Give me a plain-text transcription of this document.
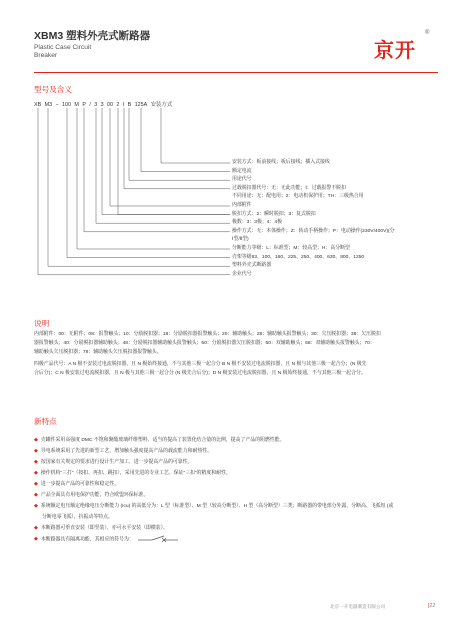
XBM3 塑料外壳式断路器
Plastic Case Circuit
Breaker	京开
®
型号及含义
XB M3 − 100 M P / 3 3 00 2 I B 125A 安装方式
安装方式：板前接线；板后接线；插入式接线
额定电流
用途代号
过载脱扣器代号：无：无此功能；Ⅰ：过载报警不脱扣
不同用途：无：配电用；2：电动机保护用；TH：三级热合用
内部附件
脱扣方式：2：瞬时脱扣；3：复式脱扣
极数：3：3极；4：4极
操作方式：无：本体操作；Z：转动手柄操作；P：电动操作(230V/400V)(分
Ⅰ型/Ⅱ型)
分断能力等级：L：标准型；M：较高型；H：高分断型
壳架等级63、100、160、225、250、400、630、800、1250
塑料外壳式断路器
企业代号
说明
内部附件：00：无附件；08：报警触头；10：分励脱扣器；18：分励脱扣器报警触头；20：辅助触头；28：辅助触头报警触头；30：欠压脱扣器；38：欠压脱扣
器报警触头；40：分励脱扣器辅助触头；48：分励脱扣器辅助触头报警触头；50：分励脱扣器欠压脱扣器；60：双辅助触头；68：双辅助触头报警触头；70：
辅助触头欠压脱扣器；78：辅助触头欠压脱扣器报警触头。
四极产品代号：A N 极不安装过电流脱扣器，且 N 极始终接通，不与其他三极一起合分 B N 极不安装过电流脱扣器，且 N 极与其他三极一起合分；(N 极先
合后分)；C N 极安装过电流脱扣器，且 N 极与其他三极一起合分 (N 极先合后分)；D N 极安装过电流脱扣器，且 N 极始终接通，不与其他三极一起合分。
新特点
◆ 壳罐件采用高强度 DMC 不饱和聚酯玻璃纤维塑料，适当的提高了装置化结合量的比例，提高了产品的阻燃性能。
◆ 导电系统采用了先进的新型工艺，增加触头强度提高产品的载流能力和耐热性。
◆ 按国家有关规定的要求进行设计生产加工，进一步提高产品的可靠性。
◆ 操作机构“三打”（按扣、再扣、跳扣），采用先进的专业工艺，保证“三扣”的精度和耐性。
◆ 进一步提高产品的可靠性和稳定性。
◆ 产品全面具有用电保护功能，符合欧盟环保标准。
◆ 系统额定电压额定绝缘电压分断能力 (Icu) 的高低分为：L 型（标准型）、M 型（较高分断型）、H 型（高分断型）三类；断路器的带电部分外露，分断高、飞弧短 (或
分断电零飞弧），抗振动等特点。
◆ 本断路器可垂直安装（即竖装），亦可水平安装（即横装）。
◆ 本断路器具有隔离功能，其相应的符号为：
北京一开电器制造有限公司	|22
